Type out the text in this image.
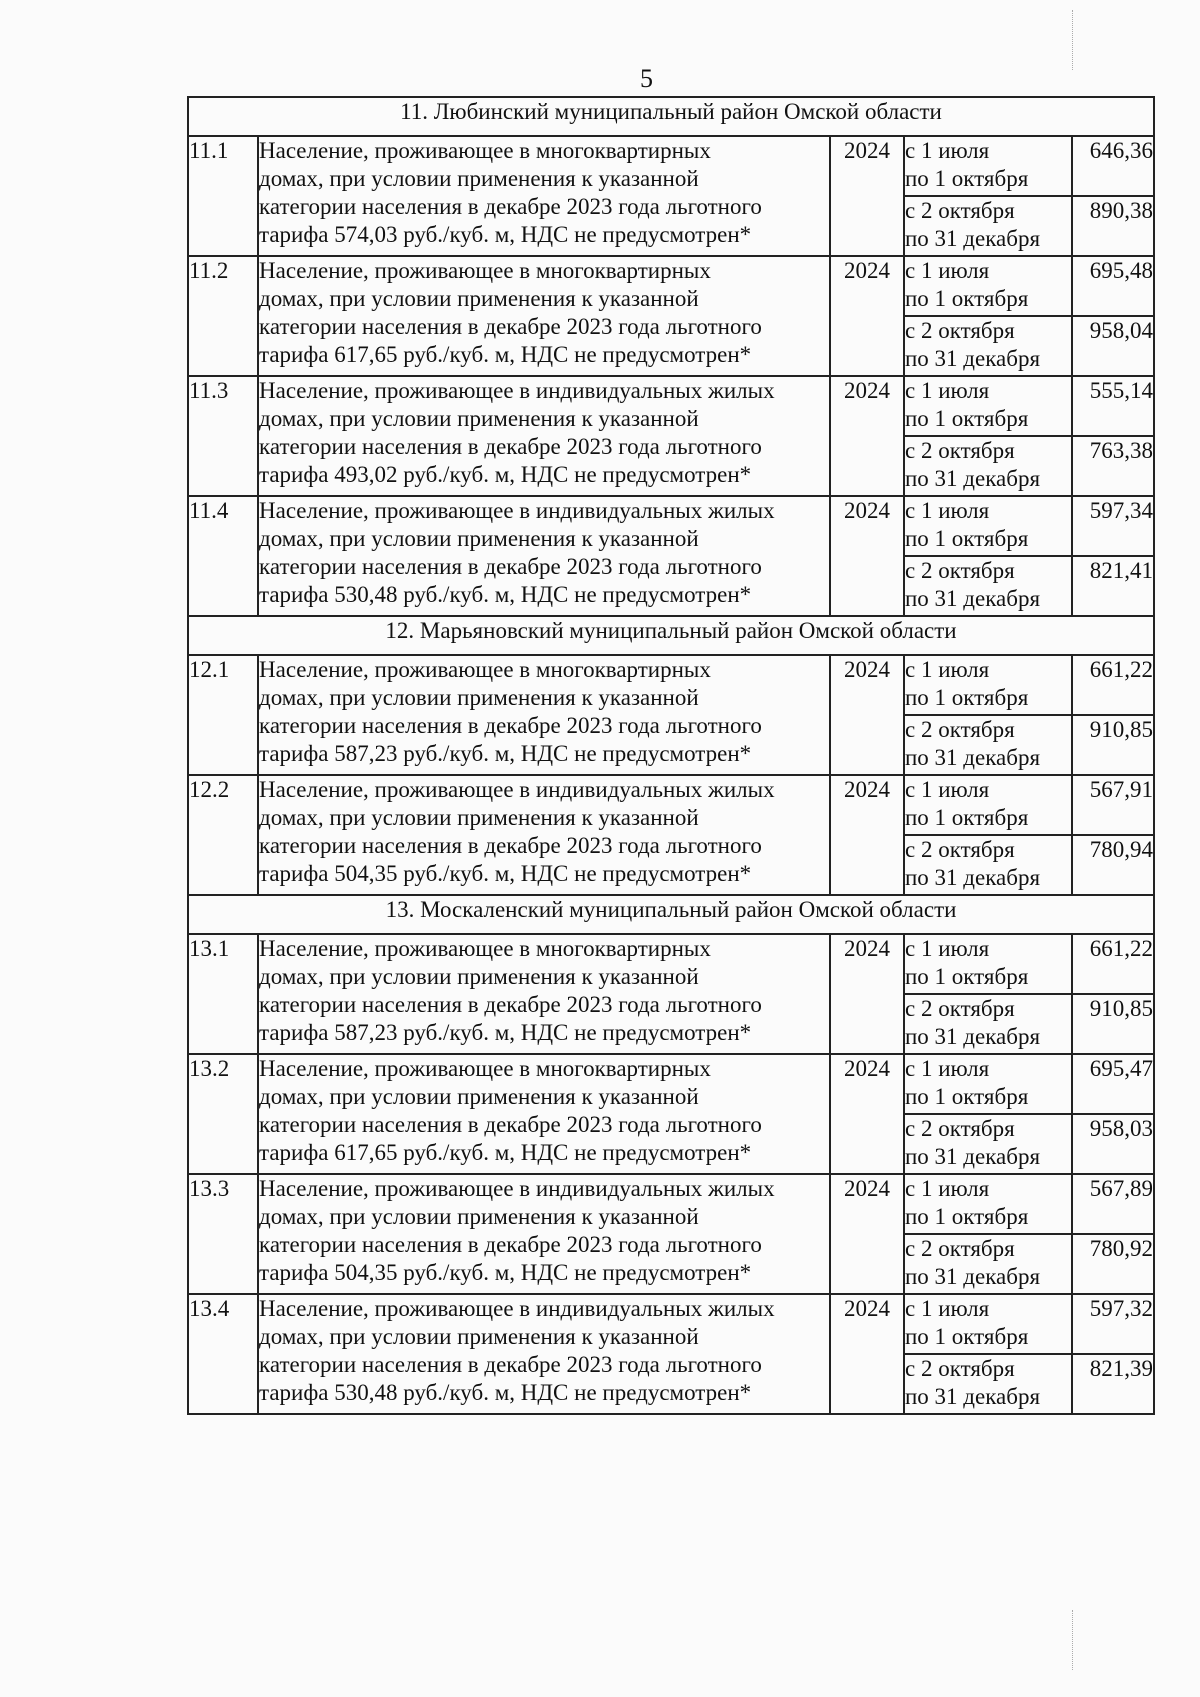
5
11. Любинский муниципальный район Омской области				
11.1	Население, проживающее в многоквартирных
домах, при условии применения к указанной
категории населения в декабре 2023 года льготного
тарифа 574,03 руб./куб. м, НДС не предусмотрен*	2024	с 1 июля
по 1 октября	646,36

			с 2 октября
по 31 декабря	890,38
11.2	Население, проживающее в многоквартирных
домах, при условии применения к указанной
категории населения в декабре 2023 года льготного
тарифа 617,65 руб./куб. м, НДС не предусмотрен*	2024	с 1 июля
по 1 октября	695,48

			с 2 октября
по 31 декабря	958,04
11.3	Население, проживающее в индивидуальных жилых
домах, при условии применения к указанной
категории населения в декабре 2023 года льготного
тарифа 493,02 руб./куб. м, НДС не предусмотрен*	2024	с 1 июля
по 1 октября	555,14

			с 2 октября
по 31 декабря	763,38
11.4	Население, проживающее в индивидуальных жилых
домах, при условии применения к указанной
категории населения в декабре 2023 года льготного
тарифа 530,48 руб./куб. м, НДС не предусмотрен*	2024	с 1 июля
по 1 октября	597,34

			с 2 октября
по 31 декабря	821,41
12. Марьяновский муниципальный район Омской области				
12.1	Население, проживающее в многоквартирных
домах, при условии применения к указанной
категории населения в декабре 2023 года льготного
тарифа 587,23 руб./куб. м, НДС не предусмотрен*	2024	с 1 июля
по 1 октября	661,22

			с 2 октября
по 31 декабря	910,85
12.2	Население, проживающее в индивидуальных жилых
домах, при условии применения к указанной
категории населения в декабре 2023 года льготного
тарифа 504,35 руб./куб. м, НДС не предусмотрен*	2024	с 1 июля
по 1 октября	567,91

			с 2 октября
по 31 декабря	780,94
13. Москаленский муниципальный район Омской области				
13.1	Население, проживающее в многоквартирных
домах, при условии применения к указанной
категории населения в декабре 2023 года льготного
тарифа 587,23 руб./куб. м, НДС не предусмотрен*	2024	с 1 июля
по 1 октября	661,22

			с 2 октября
по 31 декабря	910,85
13.2	Население, проживающее в многоквартирных
домах, при условии применения к указанной
категории населения в декабре 2023 года льготного
тарифа 617,65 руб./куб. м, НДС не предусмотрен*	2024	с 1 июля
по 1 октября	695,47

			с 2 октября
по 31 декабря	958,03
13.3	Население, проживающее в индивидуальных жилых
домах, при условии применения к указанной
категории населения в декабре 2023 года льготного
тарифа 504,35 руб./куб. м, НДС не предусмотрен*	2024	с 1 июля
по 1 октября	567,89

			с 2 октября
по 31 декабря	780,92
13.4	Население, проживающее в индивидуальных жилых
домах, при условии применения к указанной
категории населения в декабре 2023 года льготного
тарифа 530,48 руб./куб. м, НДС не предусмотрен*	2024	с 1 июля
по 1 октября	597,32

			с 2 октября
по 31 декабря	821,39
